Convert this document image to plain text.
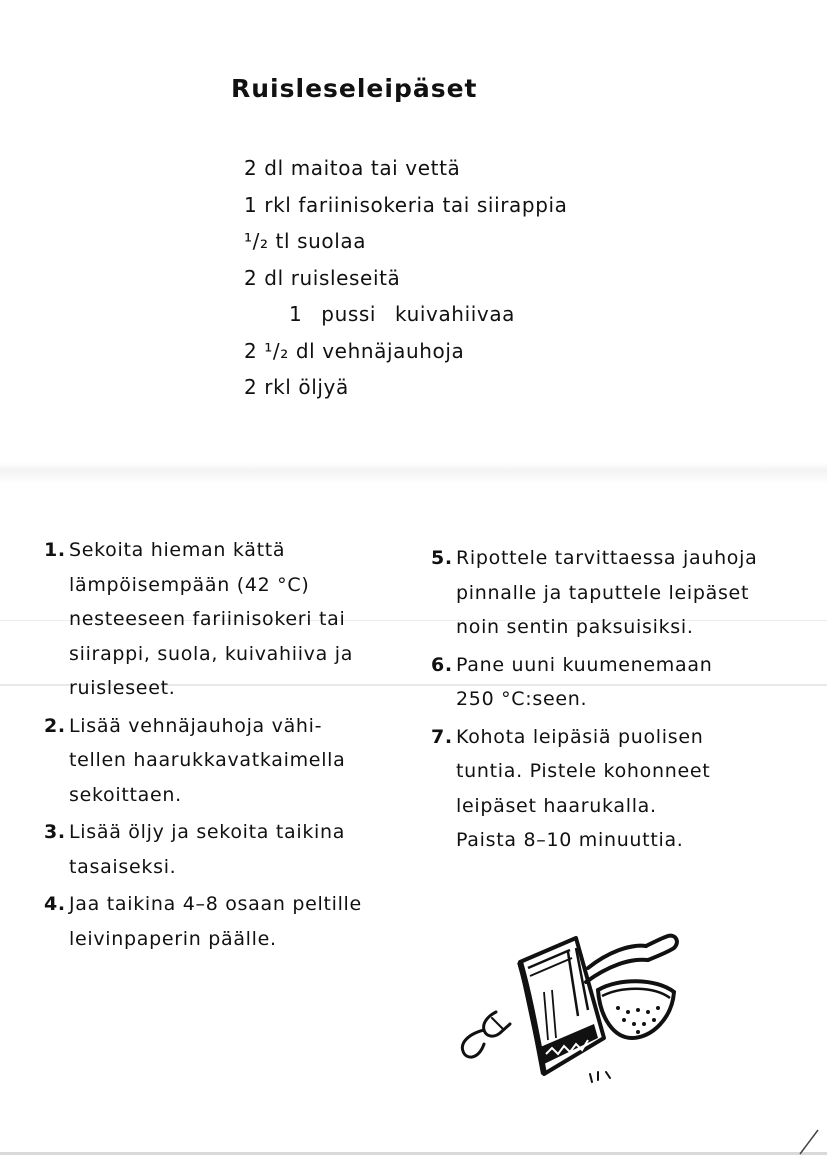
Ruisleseleipäset
2 dl maitoa tai vettä
1 rkl fariinisokeria tai siirappia
¹/₂ tl suolaa
2 dl ruisleseitä
1 pussi kuivahiivaa
2 ¹/₂ dl vehnäjauhoja
2 rkl öljyä
1. Sekoita hieman kättä
lämpöisempään (42 °C)
nesteeseen fariinisokeri tai
siirappi, suola, kuivahiiva ja
ruisleseet.
2. Lisää vehnäjauhoja vähi-
tellen haarukkavatkaimella
sekoittaen.
3. Lisää öljy ja sekoita taikina
tasaiseksi.
4. Jaa taikina 4–8 osaan peltille
leivinpaperin päälle.
5. Ripottele tarvittaessa jauhoja
pinnalle ja taputtele leipäset
noin sentin paksuisiksi.
6. Pane uuni kuumenemaan
250 °C:seen.
7. Kohota leipäsiä puolisen
tuntia. Pistele kohonneet
leipäset haarukalla.
Paista 8–10 minuuttia.
